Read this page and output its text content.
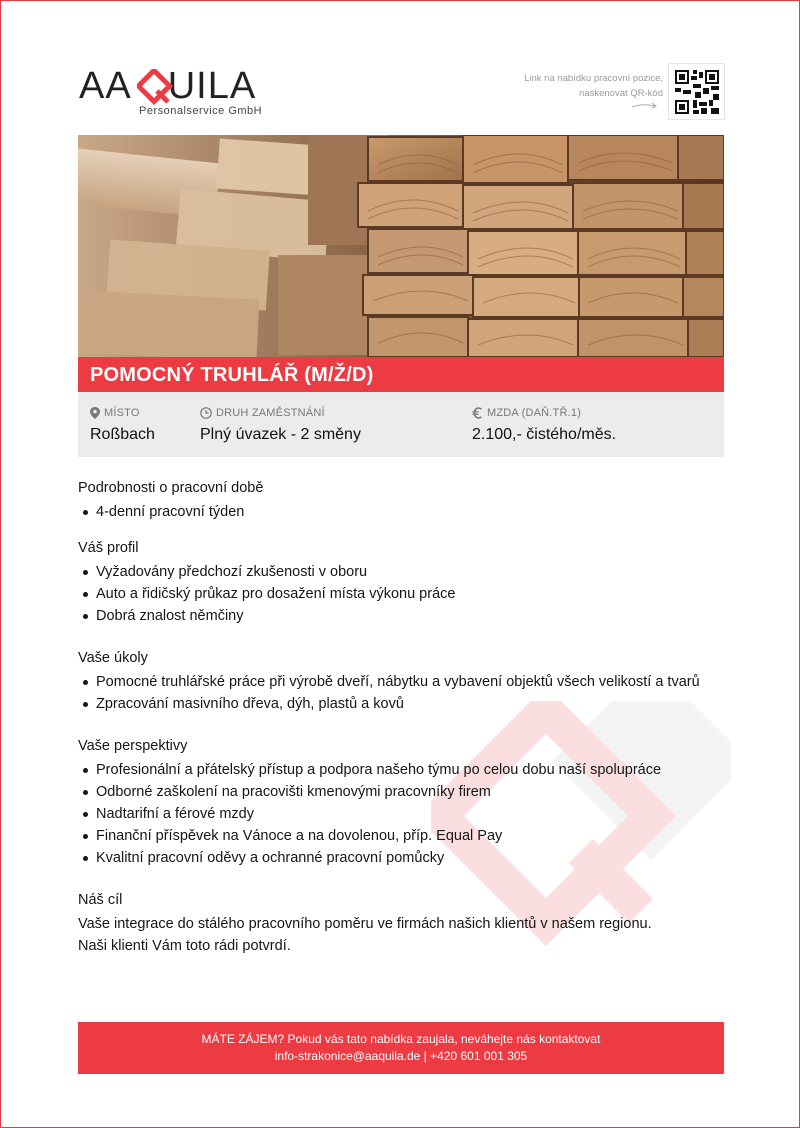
AA UILA
Personalservice GmbH
Link na nabídku pracovní pozice, naskenovat QR-kód
POMOCNÝ TRUHLÁŘ (M/Ž/D)
MÍSTO
Roßbach
DRUH ZAMĚSTNÁNÍ
Plný úvazek - 2 směny
MZDA (DAŇ.TŘ.1)
2.100,- čistého/měs.
Podrobnosti o pracovní době
4-denní pracovní týden
Váš profil
Vyžadovány předchozí zkušenosti v oboru
Auto a řidičský průkaz pro dosažení místa výkonu práce
Dobrá znalost němčiny
Vaše úkoly
Pomocné truhlářské práce při výrobě dveří, nábytku a vybavení objektů všech velikostí a tvarů
Zpracování masivního dřeva, dýh, plastů a kovů
Vaše perspektivy
Profesionální a přátelský přístup a podpora našeho týmu po celou dobu naší spolupráce
Odborné zaškolení na pracovišti kmenovými pracovníky firem
Nadtarifní a férové mzdy
Finanční příspěvek na Vánoce a na dovolenou, příp. Equal Pay
Kvalitní pracovní oděvy a ochranné pracovní pomůcky
Náš cíl
Vaše integrace do stálého pracovního poměru ve firmách našich klientů v našem regionu.
Naši klienti Vám toto rádi potvrdí.
MÁTE ZÁJEM? Pokud vás tato nabídka zaujala, neváhejte nás kontaktovat
info-strakonice@aaquila.de | +420 601 001 305
